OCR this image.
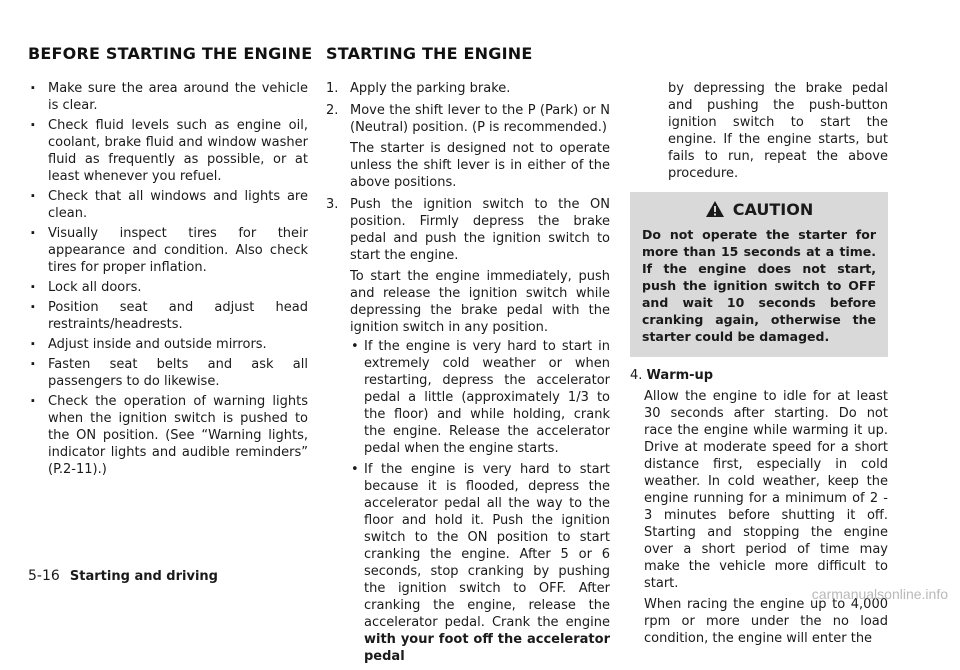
BEFORE STARTING THE ENGINE STARTING THE ENGINE
. Make sure the area around the vehicle is clear.
. Check fluid levels such as engine oil, coolant, brake fluid and window washer fluid as frequently as possible, or at least whenever you refuel.
. Check that all windows and lights are clean.
. Visually inspect tires for their appearance and condition. Also check tires for proper inflation.
. Lock all doors.
. Position seat and adjust head restraints/headrests.
. Adjust inside and outside mirrors.
. Fasten seat belts and ask all passengers to do likewise.
. Check the operation of warning lights when the ignition switch is pushed to the ON position. (See “Warning lights, indicator lights and audible reminders” (P.2-11).)
1. Apply the parking brake.

2. Move the shift lever to the P (Park) or N (Neutral) position. (P is recommended.)

The starter is designed not to operate unless the shift lever is in either of the above positions.

3. Push the ignition switch to the ON position. Firmly depress the brake pedal and push the ignition switch to start the engine.

To start the engine immediately, push and release the ignition switch while depressing the brake pedal with the ignition switch in any position.

• If the engine is very hard to start in extremely cold weather or when restarting, depress the accelerator pedal a little (approximately 1/3 to the floor) and while holding, crank the engine. Release the accelerator pedal when the engine starts.
• If the engine is very hard to start because it is flooded, depress the accelerator pedal all the way to the floor and hold it. Push the ignition switch to the ON position to start cranking the engine. After 5 or 6 seconds, stop cranking by pushing the ignition switch to OFF. After cranking the engine, release the accelerator pedal. Crank the engine with your foot off the accelerator pedal

by depressing the brake pedal and pushing the push-button ignition switch to start the engine. If the engine starts, but fails to run, repeat the above procedure.

CAUTION

Do not operate the starter for more than 15 seconds at a time. If the engine does not start, push the ignition switch to OFF and wait 10 seconds before cranking again, otherwise the starter could be damaged.

4. Warm-up

Allow the engine to idle for at least 30 seconds after starting. Do not race the engine while warming it up. Drive at moderate speed for a short distance first, especially in cold weather. In cold weather, keep the engine running for a minimum of 2 - 3 minutes before shutting it off. Starting and stopping the engine over a short period of time may make the vehicle more difficult to start.

When racing the engine up to 4,000 rpm or more under the no load condition, the engine will enter the

5-16 Starting and driving
carmanualsonline.info
